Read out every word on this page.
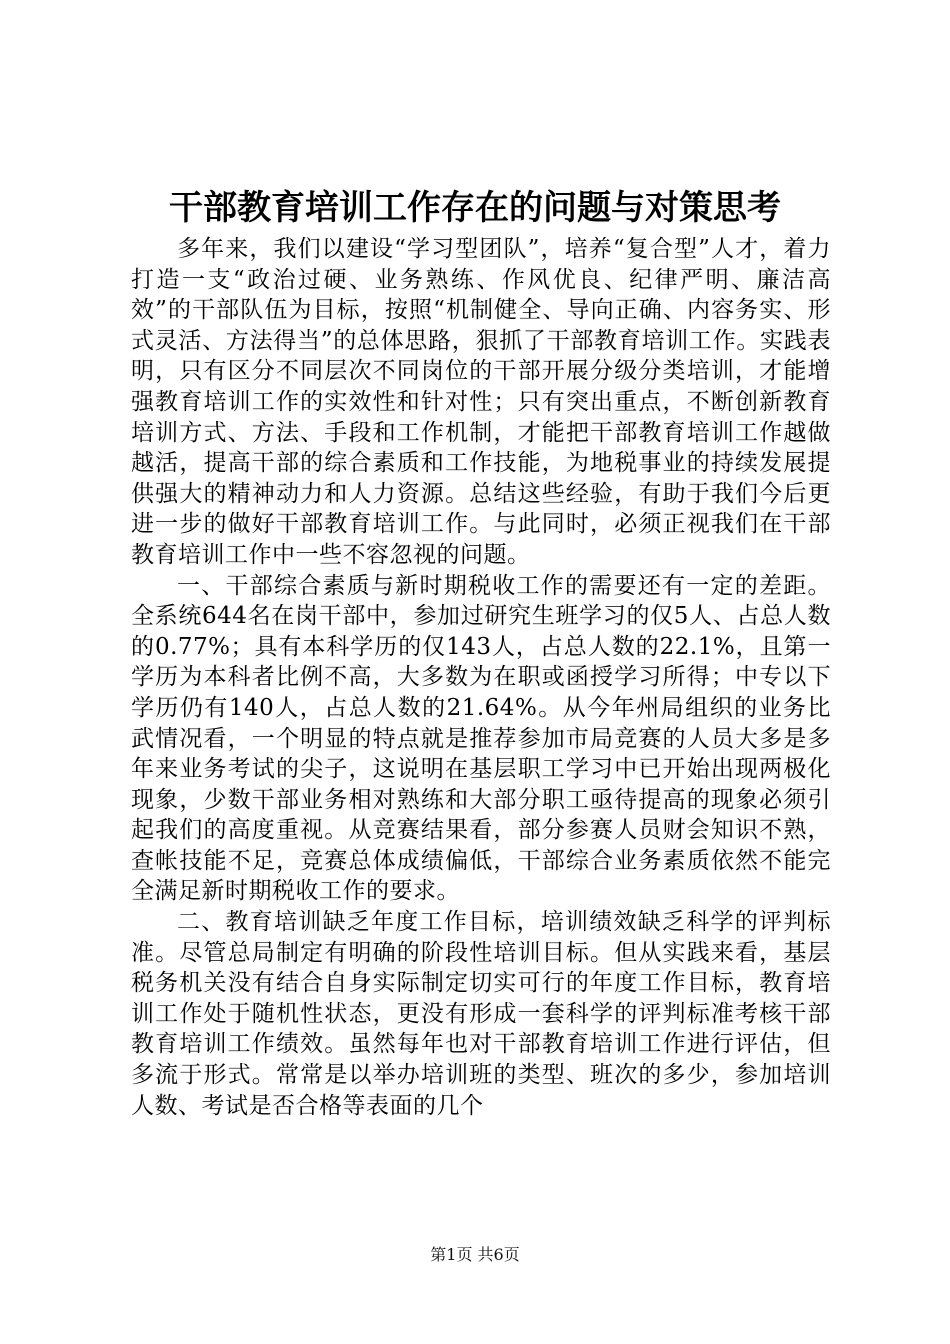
干部教育培训工作存在的问题与对策思考

多年来，我们以建设“学习型团队”，培养“复合型”人才，着力打造一支“政治过硬、业务熟练、作风优良、纪律严明、廉洁高效”的干部队伍为目标，按照“机制健全、导向正确、内容务实、形式灵活、方法得当”的总体思路，狠抓了干部教育培训工作。实践表明，只有区分不同层次不同岗位的干部开展分级分类培训，才能增强教育培训工作的实效性和针对性；只有突出重点，不断创新教育培训方式、方法、手段和工作机制，才能把干部教育培训工作越做越活，提高干部的综合素质和工作技能，为地税事业的持续发展提供强大的精神动力和人力资源。总结这些经验，有助于我们今后更进一步的做好干部教育培训工作。与此同时，必须正视我们在干部教育培训工作中一些不容忽视的问题。

一、干部综合素质与新时期税收工作的需要还有一定的差距。全系统644名在岗干部中，参加过研究生班学习的仅5人、占总人数的0.77%；具有本科学历的仅143人，占总人数的22.1%，且第一学历为本科者比例不高，大多数为在职或函授学习所得；中专以下学历仍有140人，占总人数的21.64%。从今年州局组织的业务比武情况看，一个明显的特点就是推荐参加市局竞赛的人员大多是多年来业务考试的尖子，这说明在基层职工学习中已开始出现两极化现象，少数干部业务相对熟练和大部分职工亟待提高的现象必须引起我们的高度重视。从竞赛结果看，部分参赛人员财会知识不熟，查帐技能不足，竞赛总体成绩偏低，干部综合业务素质依然不能完全满足新时期税收工作的要求。

二、教育培训缺乏年度工作目标，培训绩效缺乏科学的评判标准。尽管总局制定有明确的阶段性培训目标。但从实践来看，基层税务机关没有结合自身实际制定切实可行的年度工作目标，教育培训工作处于随机性状态，更没有形成一套科学的评判标准考核干部教育培训工作绩效。虽然每年也对干部教育培训工作进行评估，但多流于形式。常常是以举办培训班的类型、班次的多少，参加培训人数、考试是否合格等表面的几个

第1页 共6页
